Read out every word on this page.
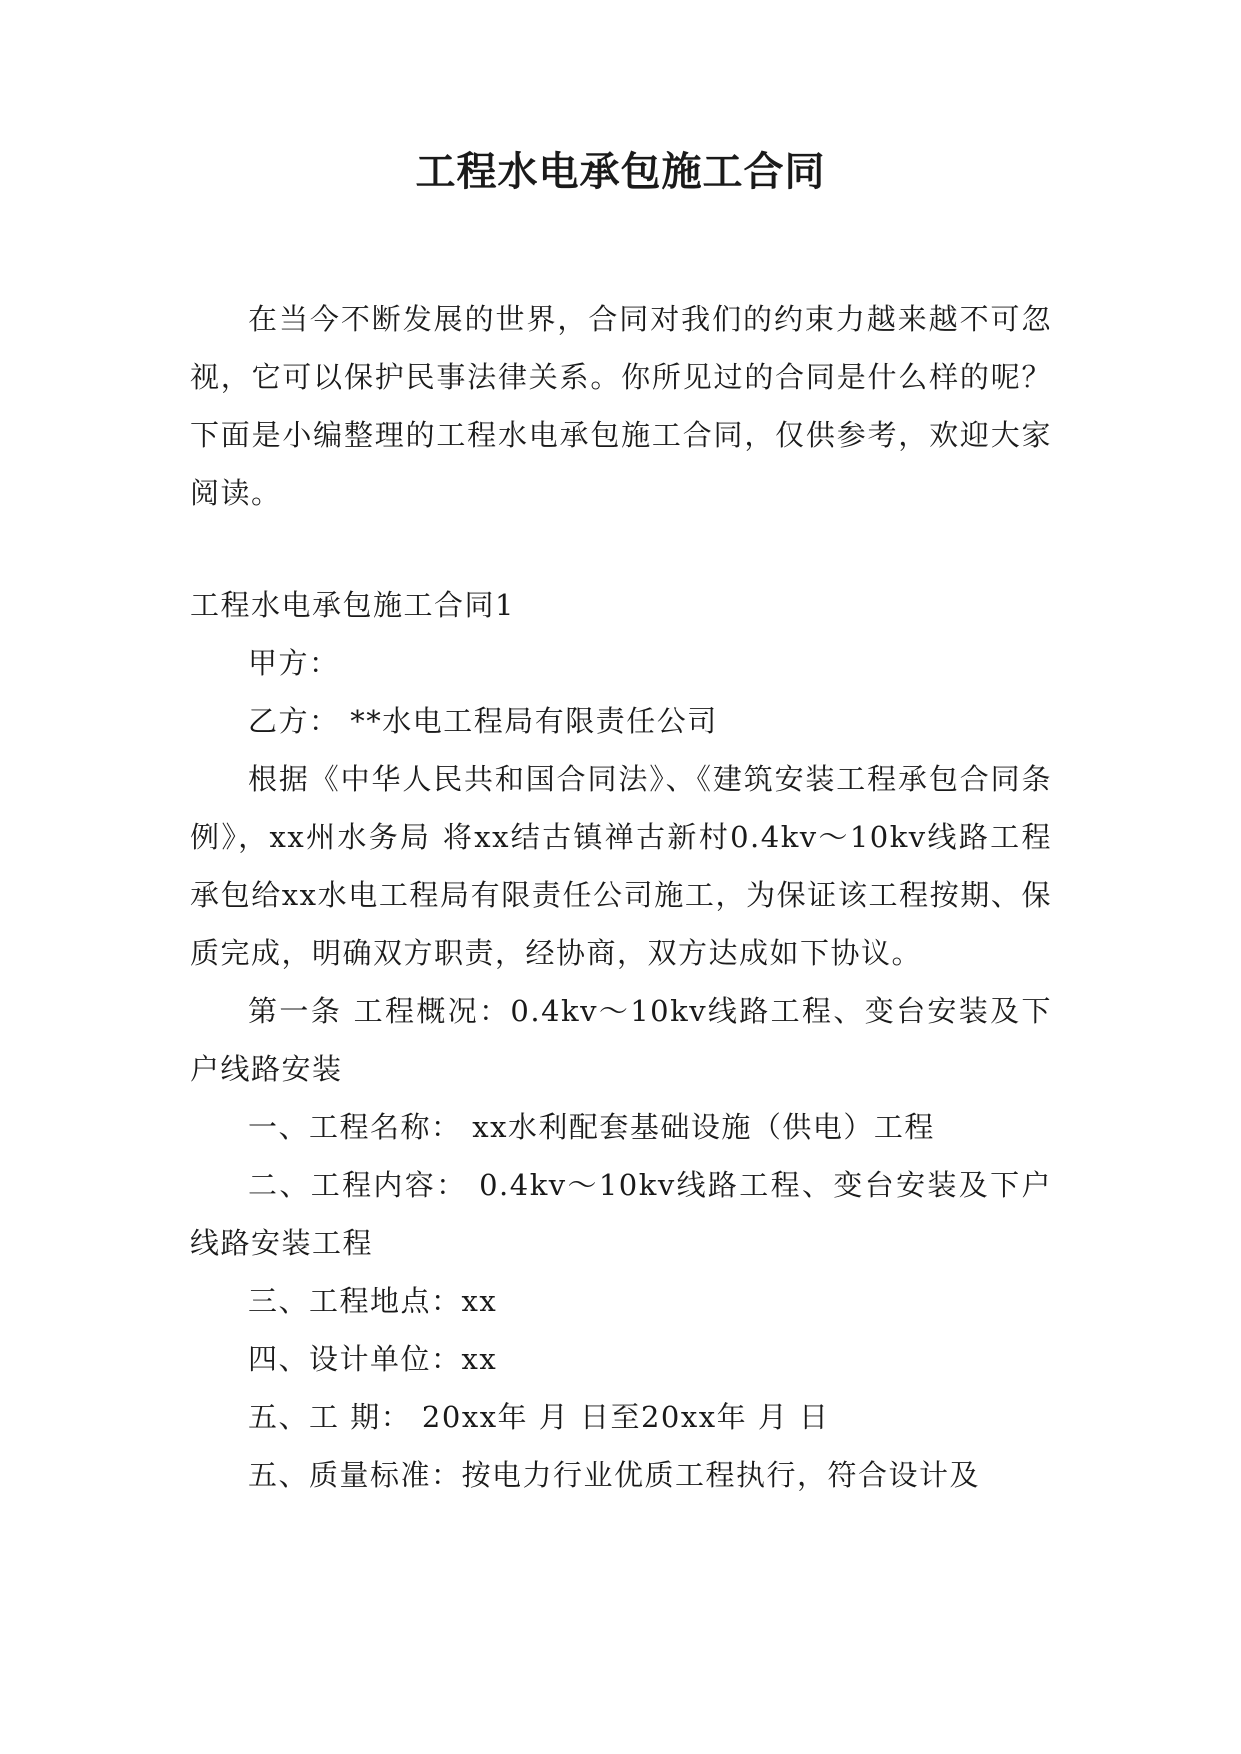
工程水电承包施工合同

在当今不断发展的世界，合同对我们的约束力越来越不可忽视，它可以保护民事法律关系。你所见过的合同是什么样的呢？下面是小编整理的工程水电承包施工合同，仅供参考，欢迎大家阅读。

工程水电承包施工合同1

甲方：

乙方： **水电工程局有限责任公司

根据《中华人民共和国合同法》、《建筑安装工程承包合同条例》，xx州水务局 将xx结古镇禅古新村0.4kv～10kv线路工程承包给xx水电工程局有限责任公司施工，为保证该工程按期、保质完成，明确双方职责，经协商，双方达成如下协议。

第一条 工程概况：0.4kv～10kv线路工程、变台安装及下户线路安装

一、工程名称： xx水利配套基础设施（供电）工程

二、工程内容： 0.4kv～10kv线路工程、变台安装及下户线路安装工程

三、工程地点：xx

四、设计单位：xx

五、工 期： 20xx年 月 日至20xx年 月 日

五、质量标准：按电力行业优质工程执行，符合设计及
